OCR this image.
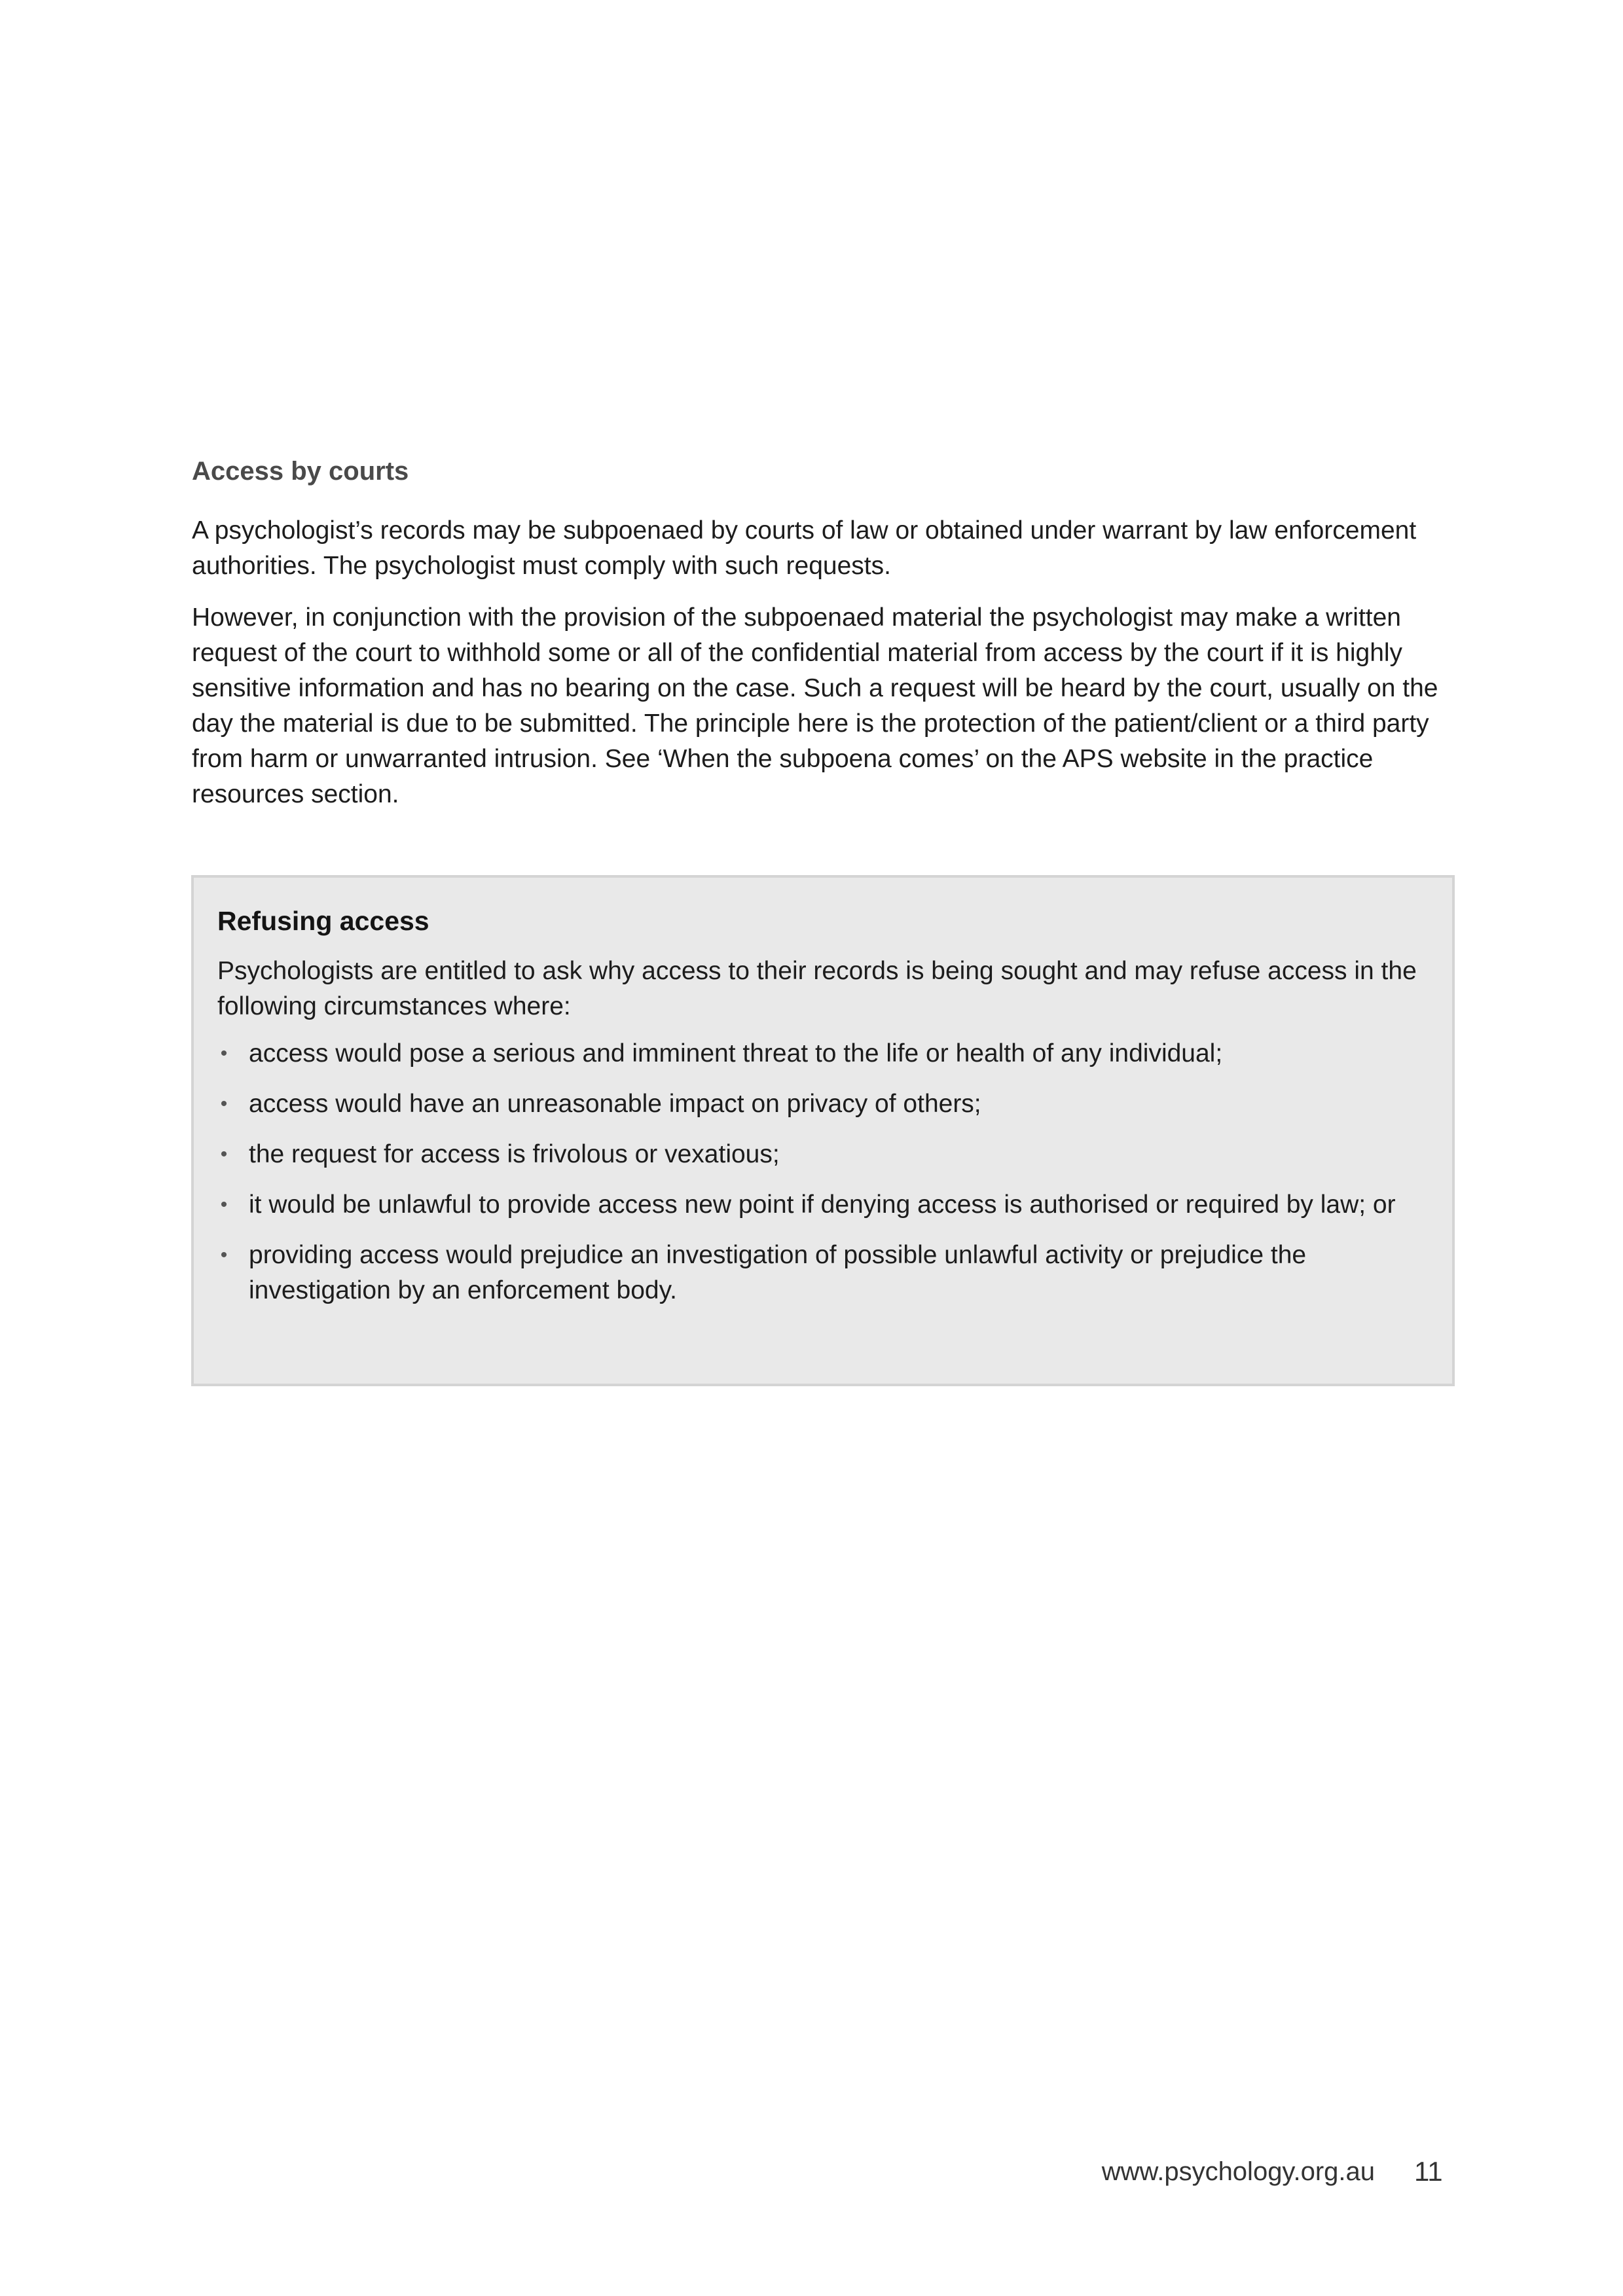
Access by courts

A psychologist’s records may be subpoenaed by courts of law or obtained under warrant by law enforcement authorities. The psychologist must comply with such requests.

However, in conjunction with the provision of the subpoenaed material the psychologist may make a written request of the court to withhold some or all of the confidential material from access by the court if it is highly sensitive information and has no bearing on the case. Such a request will be heard by the court, usually on the day the material is due to be submitted. The principle here is the protection of the patient/client or a third party from harm or unwarranted intrusion. See ‘When the subpoena comes’ on the APS website in the practice resources section.

Refusing access

Psychologists are entitled to ask why access to their records is being sought and may refuse access in the following circumstances where:

• access would pose a serious and imminent threat to the life or health of any individual;
• access would have an unreasonable impact on privacy of others;
• the request for access is frivolous or vexatious;
• it would be unlawful to provide access new point if denying access is authorised or required by law; or
• providing access would prejudice an investigation of possible unlawful activity or prejudice the investigation by an enforcement body.
www.psychology.org.au 11
